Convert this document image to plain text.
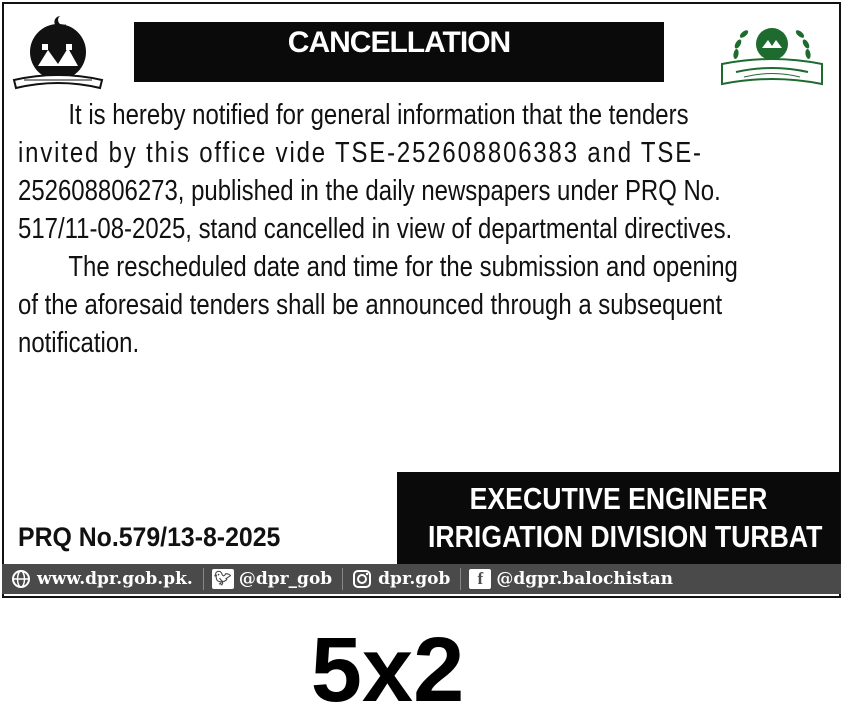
CANCELLATION

It is hereby notified for general information that the tenders
invited by this office vide TSE-252608806383 and TSE-
252608806273, published in the daily newspapers under PRQ No.
517/11-08-2025, stand cancelled in view of departmental directives.

The rescheduled date and time for the submission and opening
of the aforesaid tenders shall be announced through a subsequent
notification.

EXECUTIVE ENGINEER
IRRIGATION DIVISION TURBAT
PRQ No.579/13-8-2025
www.dpr.gob.pk. 🐦︎ @dpr_gob	dpr.gob	f @dgpr.balochistan
5x2
